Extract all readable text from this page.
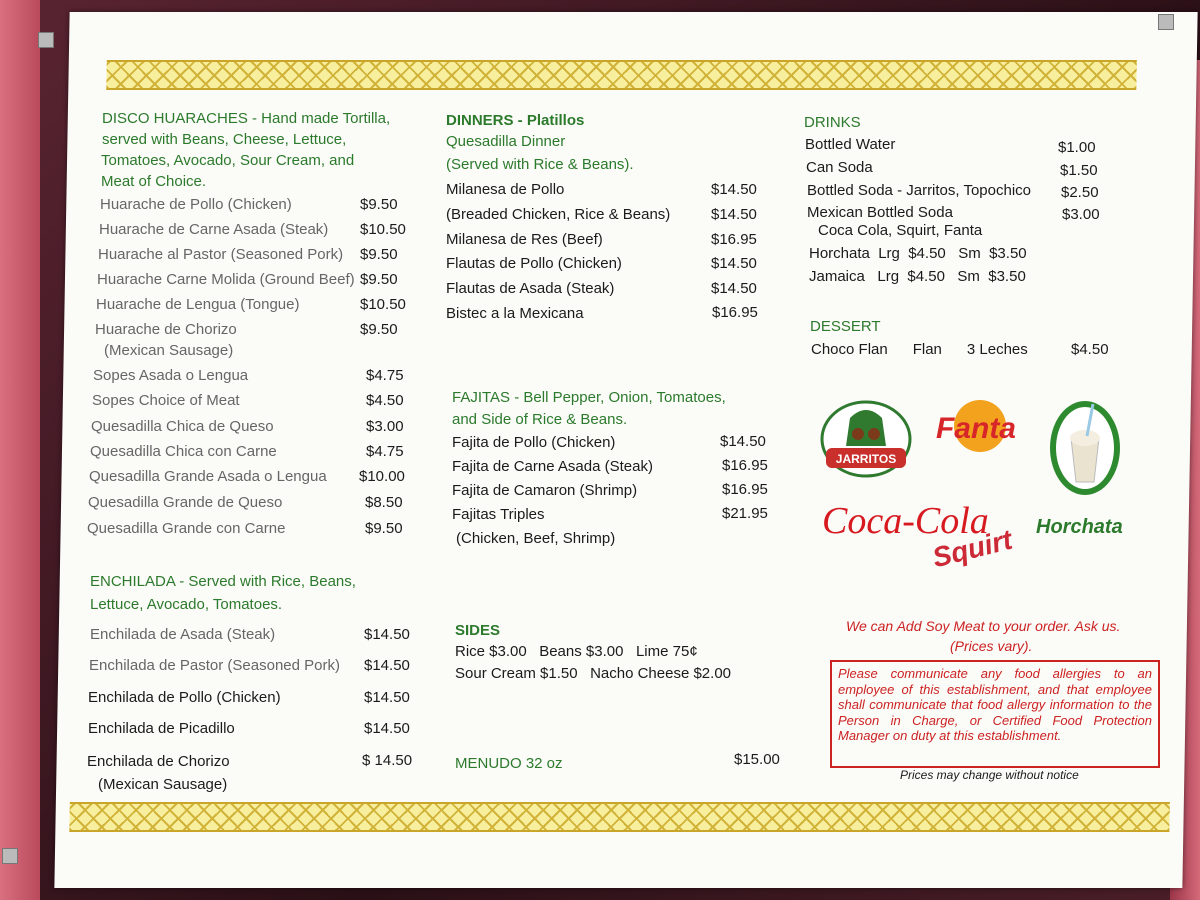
DISCO HUARACHES - Hand made Tortilla,
served with Beans, Cheese, Lettuce,
Tomatoes, Avocado, Sour Cream, and
Meat of Choice.
Huarache de Pollo (Chicken)	$9.50
Huarache de Carne Asada (Steak) $10.50
Huarache al Pastor (Seasoned Pork) $9.50
Huarache Carne Molida (Ground Beef) $9.50
Huarache de Lengua (Tongue)	$10.50
Huarache de Chorizo	$9.50
(Mexican Sausage)
Sopes Asada o Lengua	$4.75
Sopes Choice of Meat	$4.50
Quesadilla Chica de Queso	$3.00
Quesadilla Chica con Carne	$4.75
Quesadilla Grande Asada o Lengua $10.00
Quesadilla Grande de Queso	$8.50
Quesadilla Grande con Carne	$9.50
ENCHILADA - Served with Rice, Beans,
Lettuce, Avocado, Tomatoes.
Enchilada de Asada (Steak)	$14.50
Enchilada de Pastor (Seasoned Pork) $14.50
Enchilada de Pollo (Chicken)	$14.50
Enchilada de Picadillo	$14.50
Enchilada de Chorizo	$ 14.50
(Mexican Sausage)
DINNERS - Platillos
Quesadilla Dinner
(Served with Rice & Beans).
Milanesa de Pollo	$14.50
(Breaded Chicken, Rice & Beans)	$14.50
Milanesa de Res (Beef)	$16.95
Flautas de Pollo (Chicken)	$14.50
Flautas de Asada (Steak)	$14.50
Bistec a la Mexicana	$16.95
FAJITAS - Bell Pepper, Onion, Tomatoes,
and Side of Rice & Beans.
Fajita de Pollo (Chicken)	$14.50
Fajita de Carne Asada (Steak)	$16.95
Fajita de Camaron (Shrimp)	$16.95
Fajitas Triples	$21.95
(Chicken, Beef, Shrimp)
SIDES
Rice $3.00   Beans $3.00   Lime 75¢
Sour Cream $1.50   Nacho Cheese $2.00
MENUDO 32 oz	$15.00
DRINKS
Bottled Water	$1.00
Can Soda	$1.50
Bottled Soda - Jarritos, Topochico $2.50
Mexican Bottled Soda	$3.00
Coca Cola, Squirt, Fanta
Horchata  Lrg  $4.50   Sm  $3.50
Jamaica   Lrg  $4.50   Sm  $3.50
DESSERT
Choco Flan      Flan      3 Leches	$4.50
JARRITOS
Fanta
Horchata
Coca-Cola
Squirt
We can Add Soy Meat to your order. Ask us.
(Prices vary).
Please communicate any food allergies to an employee of this establishment, and that employee shall communicate that food allergy information to the Person in Charge, or Certified Food Protection Manager on duty at this establishment.
Prices may change without notice
